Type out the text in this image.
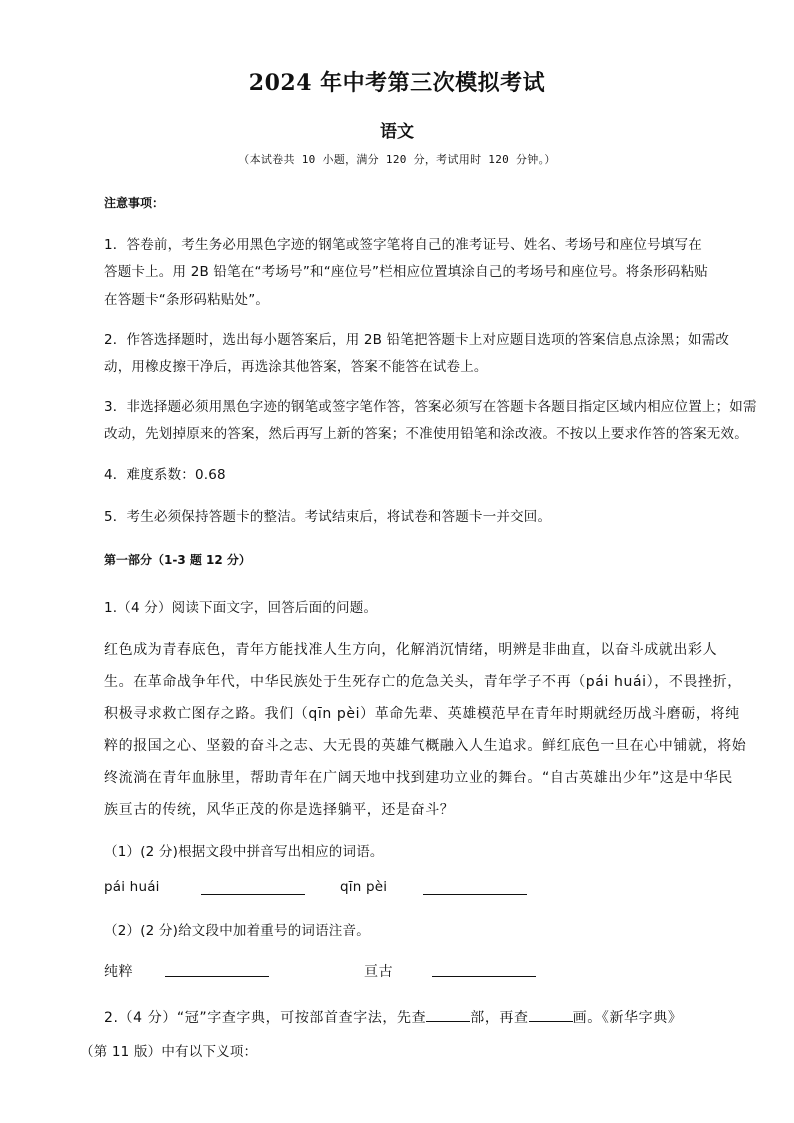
2024 年中考第三次模拟考试
语文
（本试卷共 10 小题，满分 120 分，考试用时 120 分钟。）
注意事项：
1．答卷前，考生务必用黑色字迹的钢笔或签字笔将自己的准考证号、姓名、考场号和座位号填写在
答题卡上。用 2B 铅笔在“考场号”和“座位号”栏相应位置填涂自己的考场号和座位号。将条形码粘贴
在答题卡“条形码粘贴处”。
2．作答选择题时，选出每小题答案后，用 2B 铅笔把答题卡上对应题目选项的答案信息点涂黑；如需改
动，用橡皮擦干净后，再选涂其他答案，答案不能答在试卷上。
3．非选择题必须用黑色字迹的钢笔或签字笔作答，答案必须写在答题卡各题目指定区域内相应位置上；如需
改动，先划掉原来的答案，然后再写上新的答案；不准使用铅笔和涂改液。不按以上要求作答的答案无效。
4．难度系数：0.68
5．考生必须保持答题卡的整洁。考试结束后，将试卷和答题卡一并交回。
第一部分（1-3 题 12 分）
1.（4 分）阅读下面文字，回答后面的问题。
红色成为青春底色，青年方能找准人生方向，化解消沉情绪，明辨是非曲直，以奋斗成就出彩人
生。在革命战争年代，中华民族处于生死存亡的危急关头，青年学子不再（pái huái），不畏挫折，
积极寻求救亡图存之路。我们（qīn pèi）革命先辈、英雄模范早在青年时期就经历战斗磨砺，将纯
粹的报国之心、坚毅的奋斗之志、大无畏的英雄气概融入人生追求。鲜红底色一旦在心中铺就，将始
终流淌在青年血脉里，帮助青年在广阔天地中找到建功立业的舞台。“自古英雄出少年”这是中华民
族亘古的传统，风华正茂的你是选择躺平，还是奋斗？
（1）(2 分)根据文段中拼音写出相应的词语。
pái huái	qīn pèi
（2）(2 分)给文段中加着重号的词语注音。
纯粹	亘古
2.（4 分）“冠”字查字典，可按部首查字法，先查	部，再查	画。《新华字典》
（第 11 版）中有以下义项：
